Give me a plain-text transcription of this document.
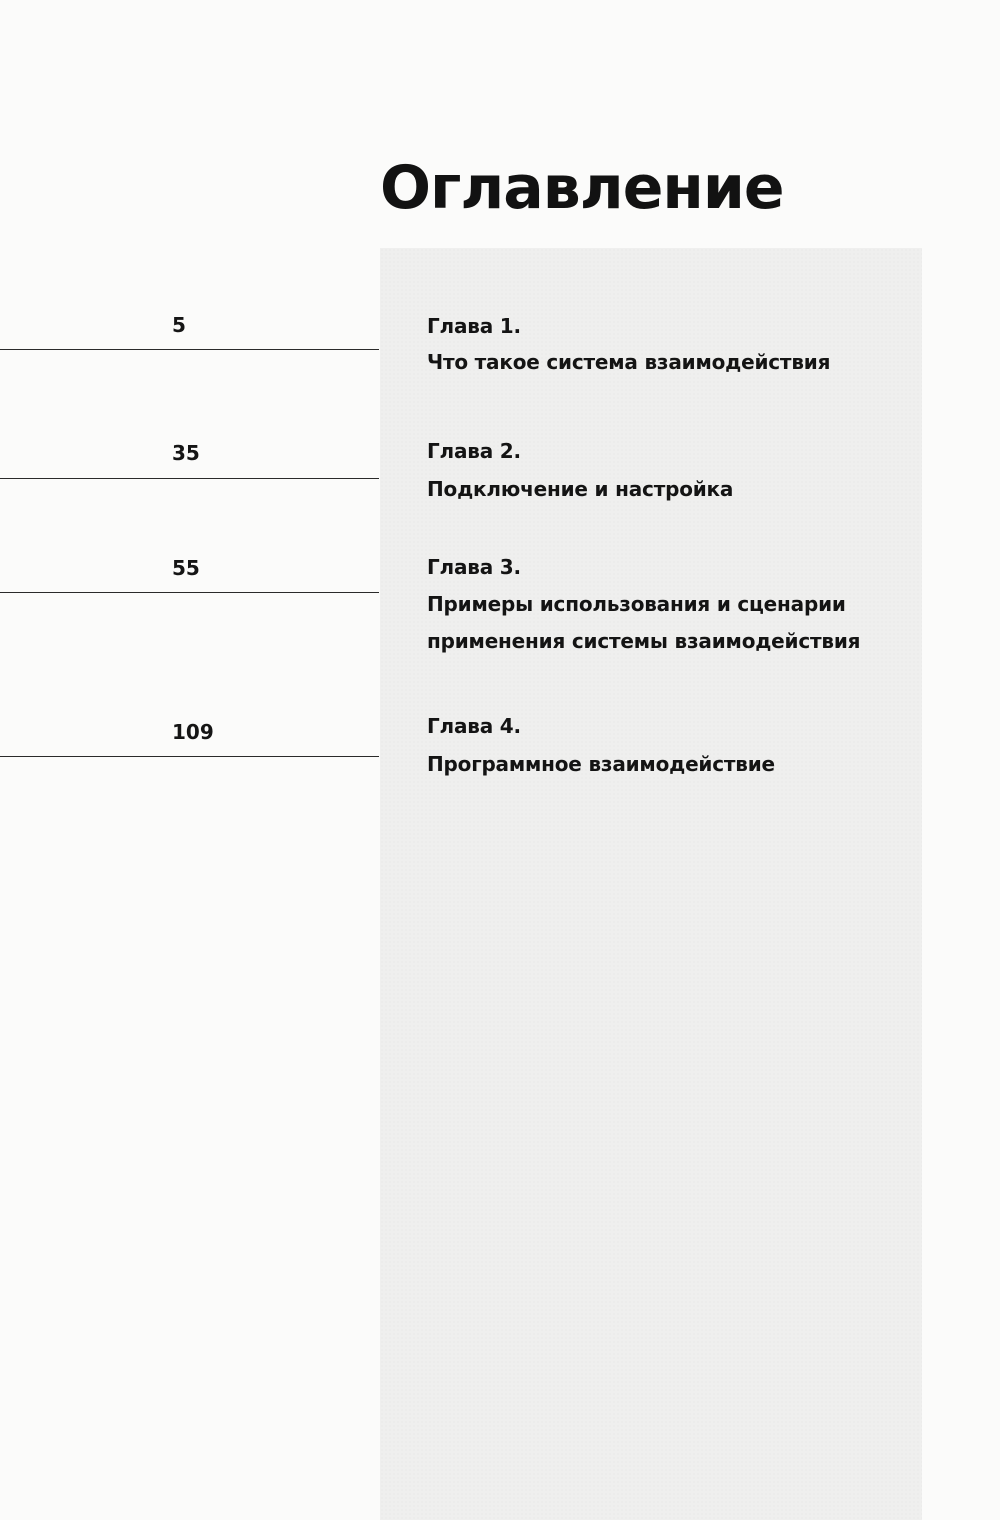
Оглавление
5	Глава 1.
Что такое система взаимодействия
35	Глава 2.
Подключение и настройка
55	Глава 3.
Примеры использования и сценарии применения системы взаимодействия
109	Глава 4.
Программное взаимодействие
